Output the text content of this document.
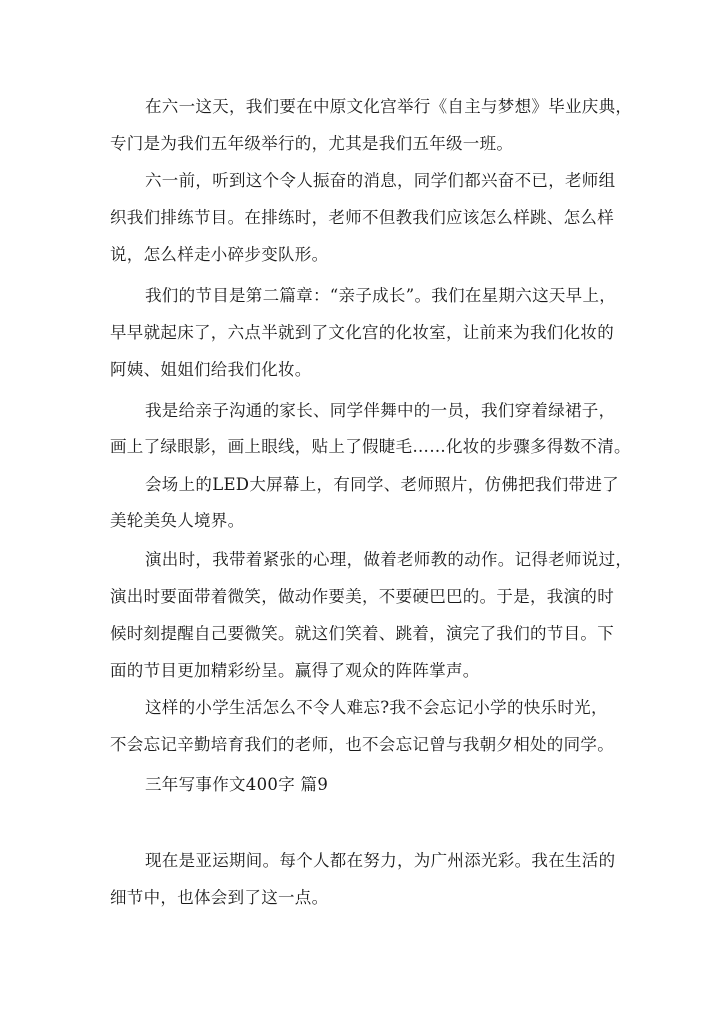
在六一这天，我们要在中原文化宫举行《自主与梦想》毕业庆典，
专门是为我们五年级举行的，尤其是我们五年级一班。
六一前，听到这个令人振奋的消息，同学们都兴奋不已，老师组
织我们排练节目。在排练时，老师不但教我们应该怎么样跳、怎么样
说，怎么样走小碎步变队形。
我们的节目是第二篇章：“亲子成长”。我们在星期六这天早上，
早早就起床了，六点半就到了文化宫的化妆室，让前来为我们化妆的
阿姨、姐姐们给我们化妆。
我是给亲子沟通的家长、同学伴舞中的一员，我们穿着绿裙子，
画上了绿眼影，画上眼线，贴上了假睫毛……化妆的步骤多得数不清。
会场上的LED大屏幕上，有同学、老师照片，仿佛把我们带进了
美轮美奂人境界。
演出时，我带着紧张的心理，做着老师教的动作。记得老师说过，
演出时要面带着微笑，做动作要美，不要硬巴巴的。于是，我演的时
候时刻提醒自己要微笑。就这们笑着、跳着，演完了我们的节目。下
面的节目更加精彩纷呈。赢得了观众的阵阵掌声。
这样的小学生活怎么不令人难忘?我不会忘记小学的快乐时光，
不会忘记辛勤培育我们的老师，也不会忘记曾与我朝夕相处的同学。
三年写事作文400字 篇9
现在是亚运期间。每个人都在努力，为广州添光彩。我在生活的
细节中，也体会到了这一点。
